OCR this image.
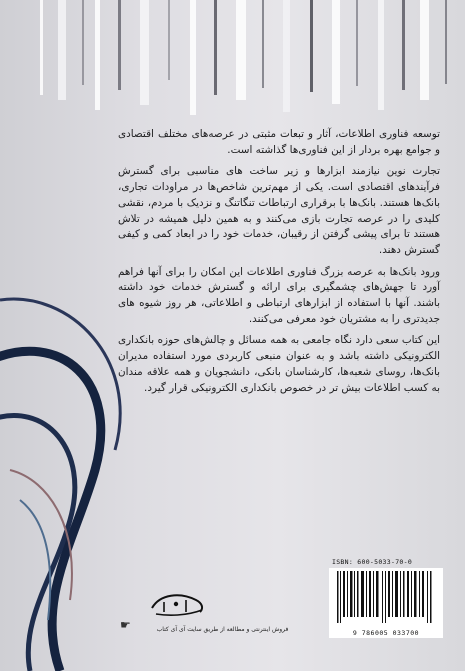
توسعه فناوری اطلاعات، آثار و تبعات مثبتی در عرصه‌های مختلف اقتصادی و جوامع بهره بردار از این فناوری‌ها گذاشته است.

تجارت نوین نیازمند ابزارها و زیر ساخت های مناسبی برای گسترش فرآیندهای اقتصادی است. یکی از مهم‌ترین شاخص‌ها در مراودات تجاری، بانک‌ها هستند. بانک‌ها با برقراری ارتباطات تنگاتنگ و نزدیک با مردم، نقشی کلیدی را در عرصه تجارت بازی می‌کنند و به همین دلیل همیشه در تلاش هستند تا برای پیشی گرفتن از رقیبان، خدمات خود را در ابعاد کمی و کیفی گسترش دهند.

ورود بانک‌ها به عرصه بزرگ فناوری اطلاعات این امکان را برای آنها فراهم آورد تا جهش‌های چشمگیری برای ارائه و گسترش خدمات خود داشته باشند. آنها با استفاده از ابزارهای ارتباطی و اطلاعاتی، هر روز شیوه های جدیدتری را به مشتریان خود معرفی می‌کنند.

این کتاب سعی دارد نگاه جامعی به همه مسائل و چالش‌های حوزه بانکداری الکترونیکی داشته باشد و به عنوان منبعی کاربردی مورد استفاده مدیران بانک‌ها، روسای شعبه‌ها، کارشناسان بانکی، دانشجویان و همه علاقه مندان به کسب اطلاعات بیش تر در خصوص بانکداری الکترونیکی قرار گیرد.

☛	فروش اینترنتی و مطالعه از طریق سایت آی آی کتاب
ISBN: 600-5033-70-0
9 786005 033700
